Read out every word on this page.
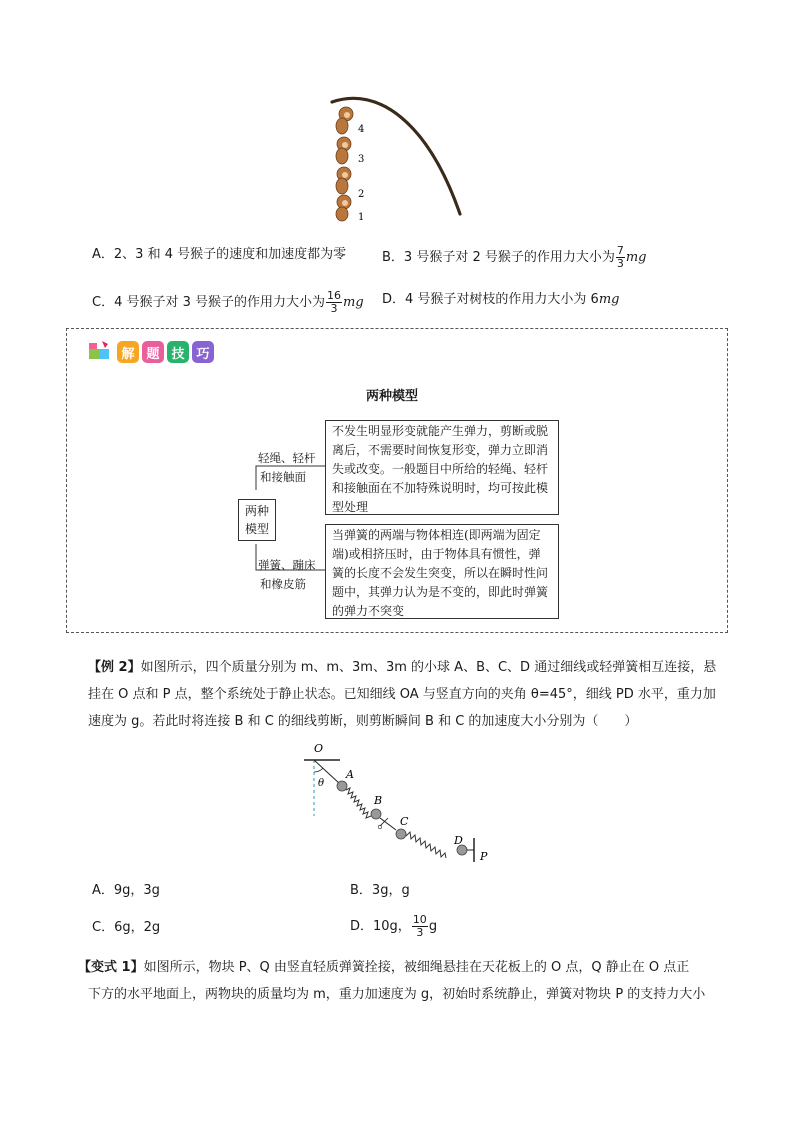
4
3
2
1
A．2、3 和 4 号猴子的速度和加速度都为零	B．3 号猴子对 2 号猴子的作用力大小为 $\frac{7}{3}$ mg
C．4 号猴子对 3 号猴子的作用力大小为 $\frac{16}{3}$ mg D．4 号猴子对树枝的作用力大小为 6mg
解 题 技 巧
两种模型
两种
模型
轻绳、轻杆
和接触面
弹簧、蹦床
和橡皮筋
不发生明显形变就能产生弹力，剪断或脱离后，不需要时间恢复形变，弹力立即消失或改变。一般题目中所给的轻绳、轻杆和接触面在不加特殊说明时，均可按此模型处理
当弹簧的两端与物体相连(即两端为固定端)或相挤压时，由于物体具有惯性，弹簧的长度不会发生突变，所以在瞬时性问题中，其弹力认为是不变的，即此时弹簧的弹力不突变
【例 2】如图所示，四个质量分别为 m、m、3m、3m 的小球 A、B、C、D 通过细线或轻弹簧相互连接，悬
挂在 O 点和 P 点，整个系统处于静止状态。已知细线 OA 与竖直方向的夹角 θ=45°，细线 PD 水平，重力加
速度为 g。若此时将连接 B 和 C 的细线剪断，则剪断瞬间 B 和 C 的加速度大小分别为（　　）
O
θ
A
B
C
D
P
A．9g，3g	B．3g，g
C．6g，2g	D．10g， $\frac{10}{3}$ g
【变式 1】如图所示，物块 P、Q 由竖直轻质弹簧拴接，被细绳悬挂在天花板上的 O 点，Q 静止在 O 点正
下方的水平地面上，两物块的质量均为 m，重力加速度为 g，初始时系统静止，弹簧对物块 P 的支持力大小
